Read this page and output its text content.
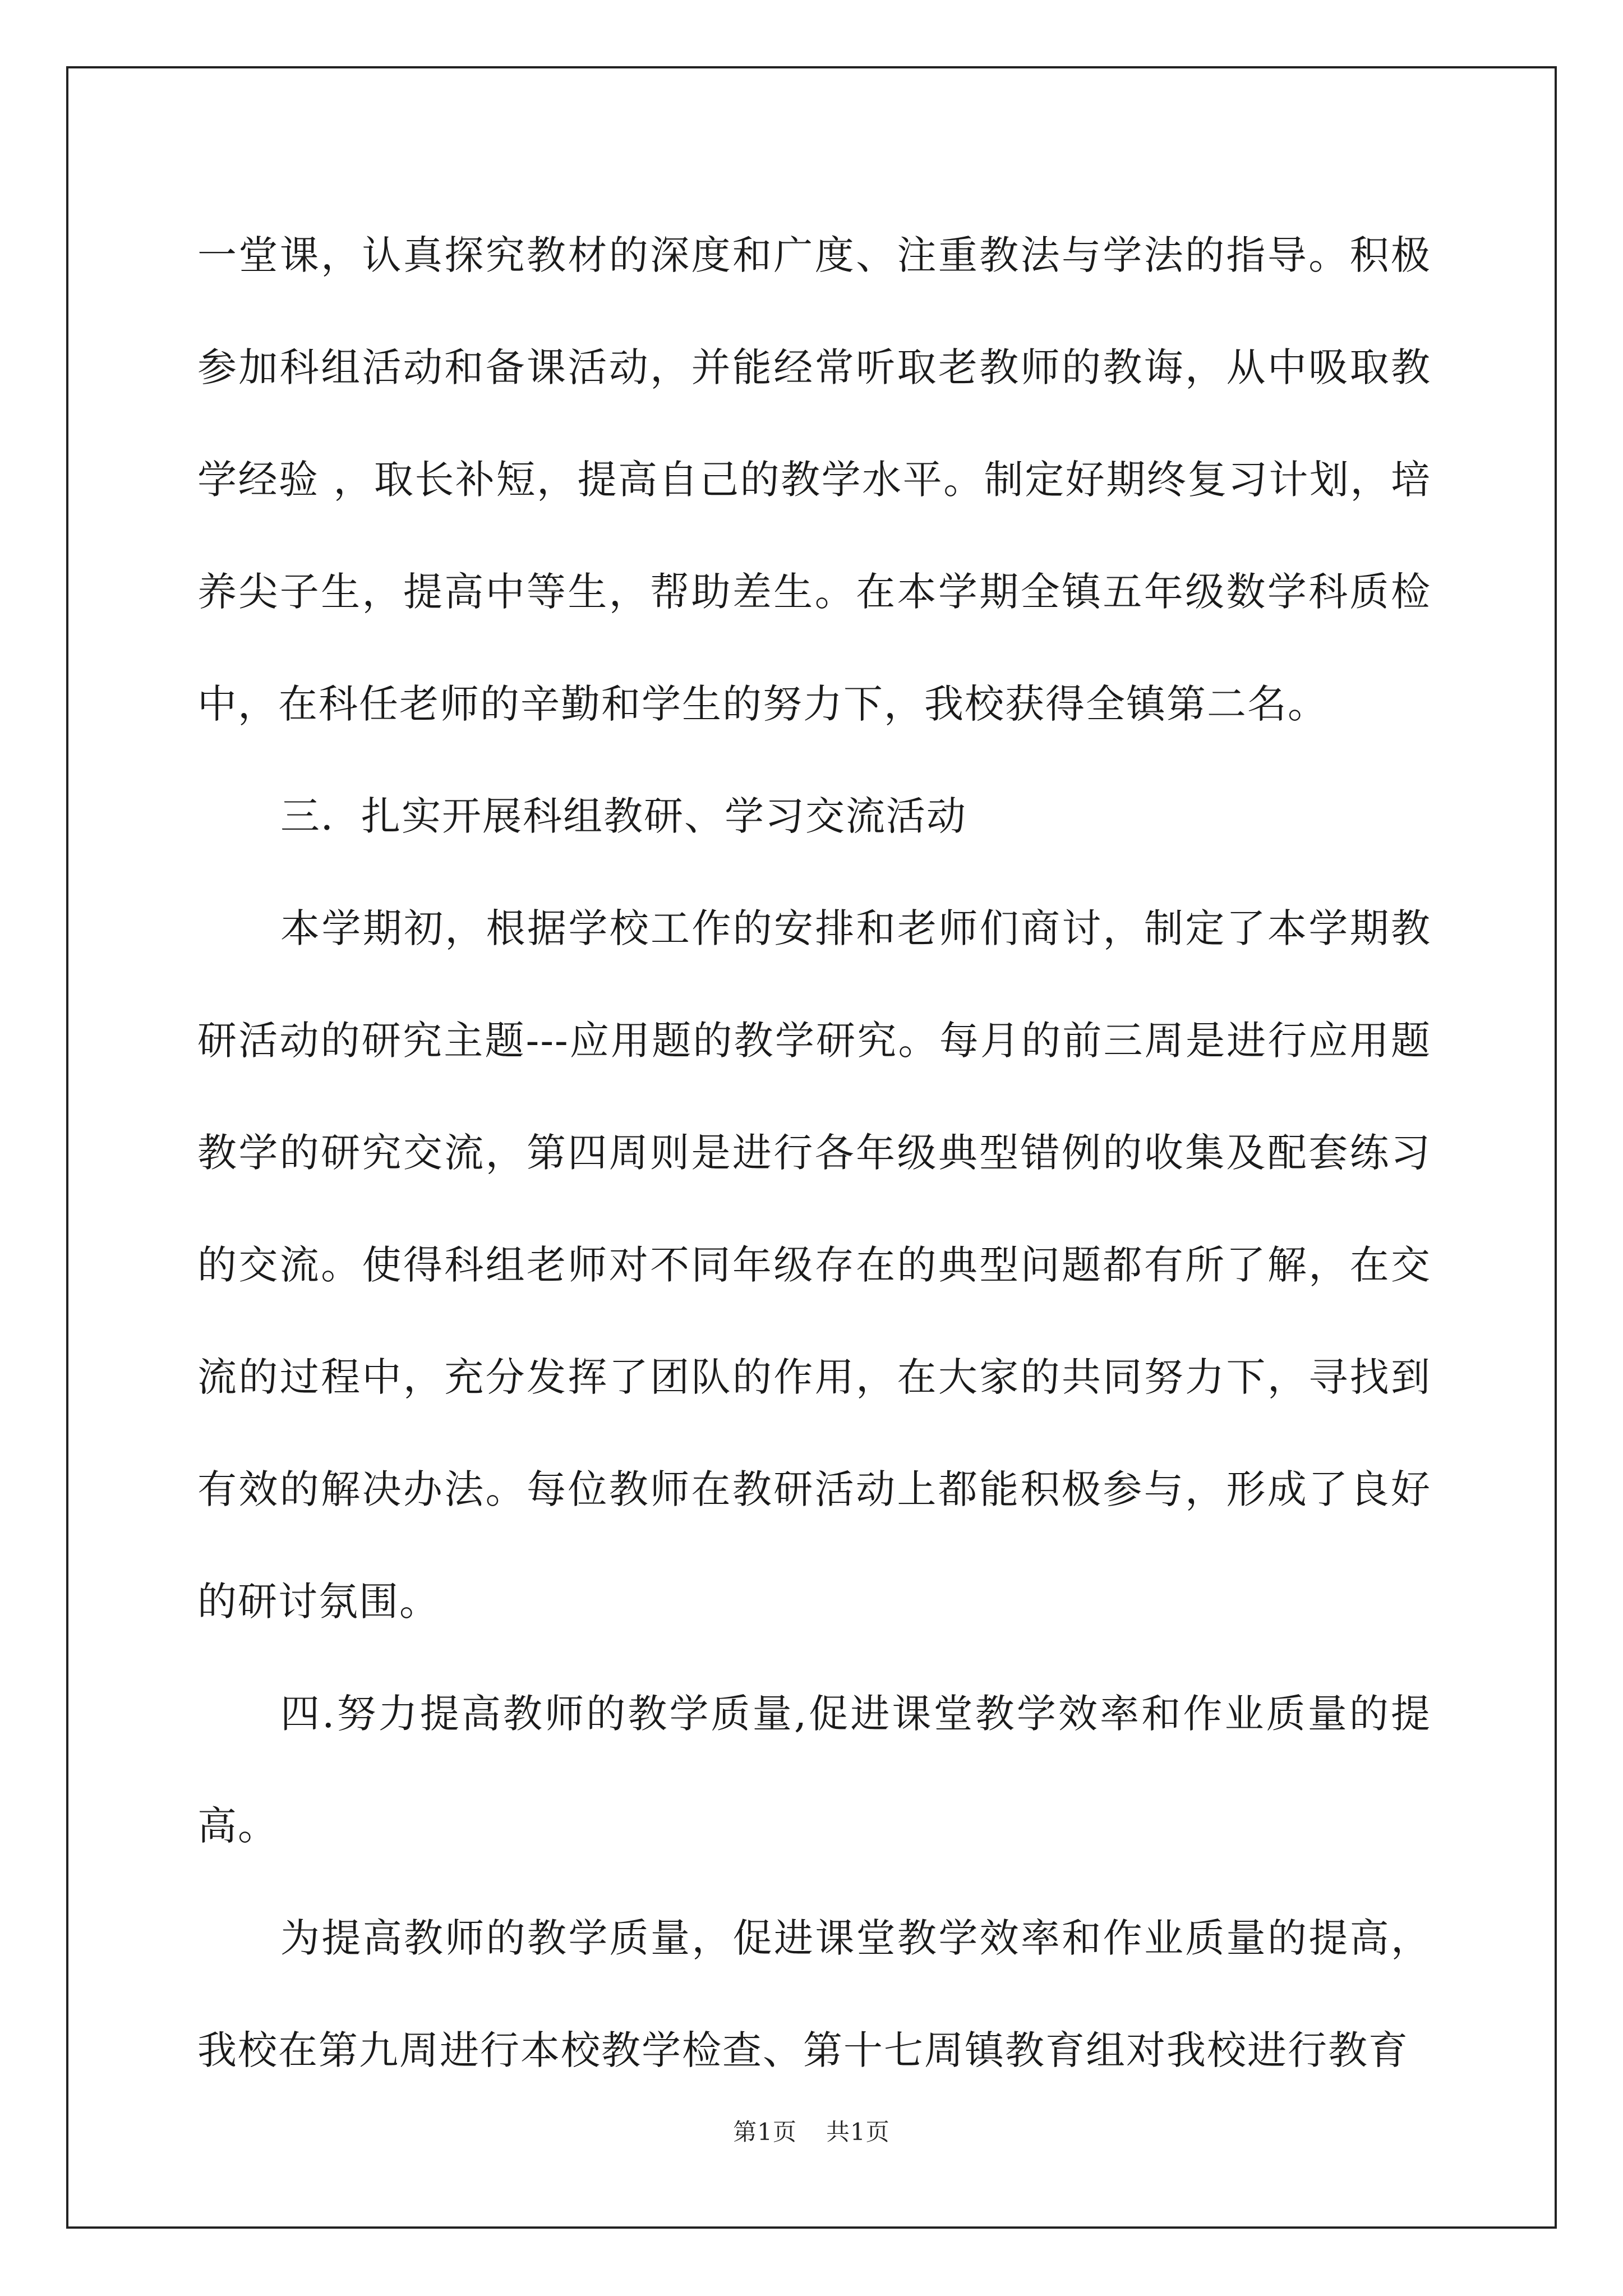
一堂课，认真探究教材的深度和广度、注重教法与学法的指导。积极参加科组活动和备课活动，并能经常听取老教师的教诲，从中吸取教学经验 ，取长补短，提高自己的教学水平。制定好期终复习计划，培养尖子生，提高中等生，帮助差生。在本学期全镇五年级数学科质检中，在科任老师的辛勤和学生的努力下，我校获得全镇第二名。

三．扎实开展科组教研、学习交流活动

本学期初，根据学校工作的安排和老师们商讨，制定了本学期教研活动的研究主题---应用题的教学研究。每月的前三周是进行应用题教学的研究交流，第四周则是进行各年级典型错例的收集及配套练习的交流。使得科组老师对不同年级存在的典型问题都有所了解，在交流的过程中，充分发挥了团队的作用，在大家的共同努力下，寻找到有效的解决办法。每位教师在教研活动上都能积极参与，形成了良好的研讨氛围。

四.努力提高教师的教学质量,促进课堂教学效率和作业质量的提高。

为提高教师的教学质量，促进课堂教学效率和作业质量的提高，我校在第九周进行本校教学检查、第十七周镇教育组对我校进行教育

第1页 共1页
